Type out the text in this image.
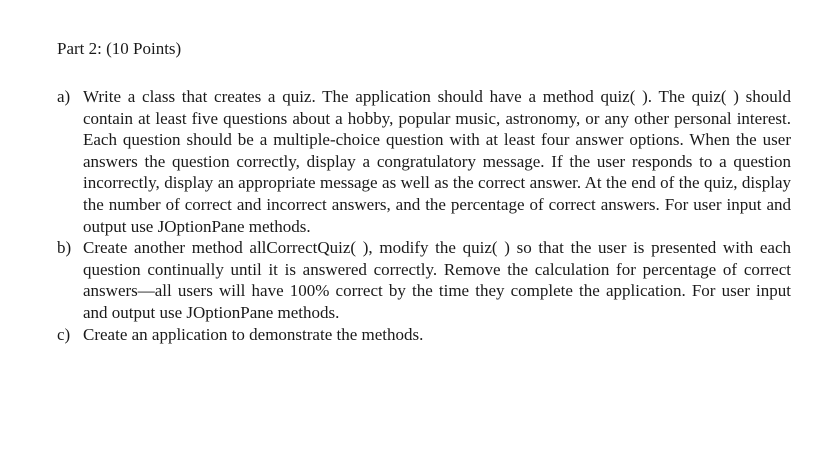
Part 2: (10 Points)
a) Write a class that creates a quiz. The application should have a method quiz( ). The quiz( ) should contain at least five questions about a hobby, popular music, astronomy, or any other personal interest. Each question should be a multiple-choice question with at least four answer options. When the user answers the question correctly, display a congratulatory message. If the user responds to a question incorrectly, display an appropriate message as well as the correct answer. At the end of the quiz, display the number of correct and incorrect answers, and the percentage of correct answers. For user input and output use JOptionPane methods.
b) Create another method allCorrectQuiz( ), modify the quiz( ) so that the user is presented with each question continually until it is answered correctly. Remove the calculation for percentage of correct answers—all users will have 100% correct by the time they complete the application. For user input and output use JOptionPane methods.
c) Create an application to demonstrate the methods.
